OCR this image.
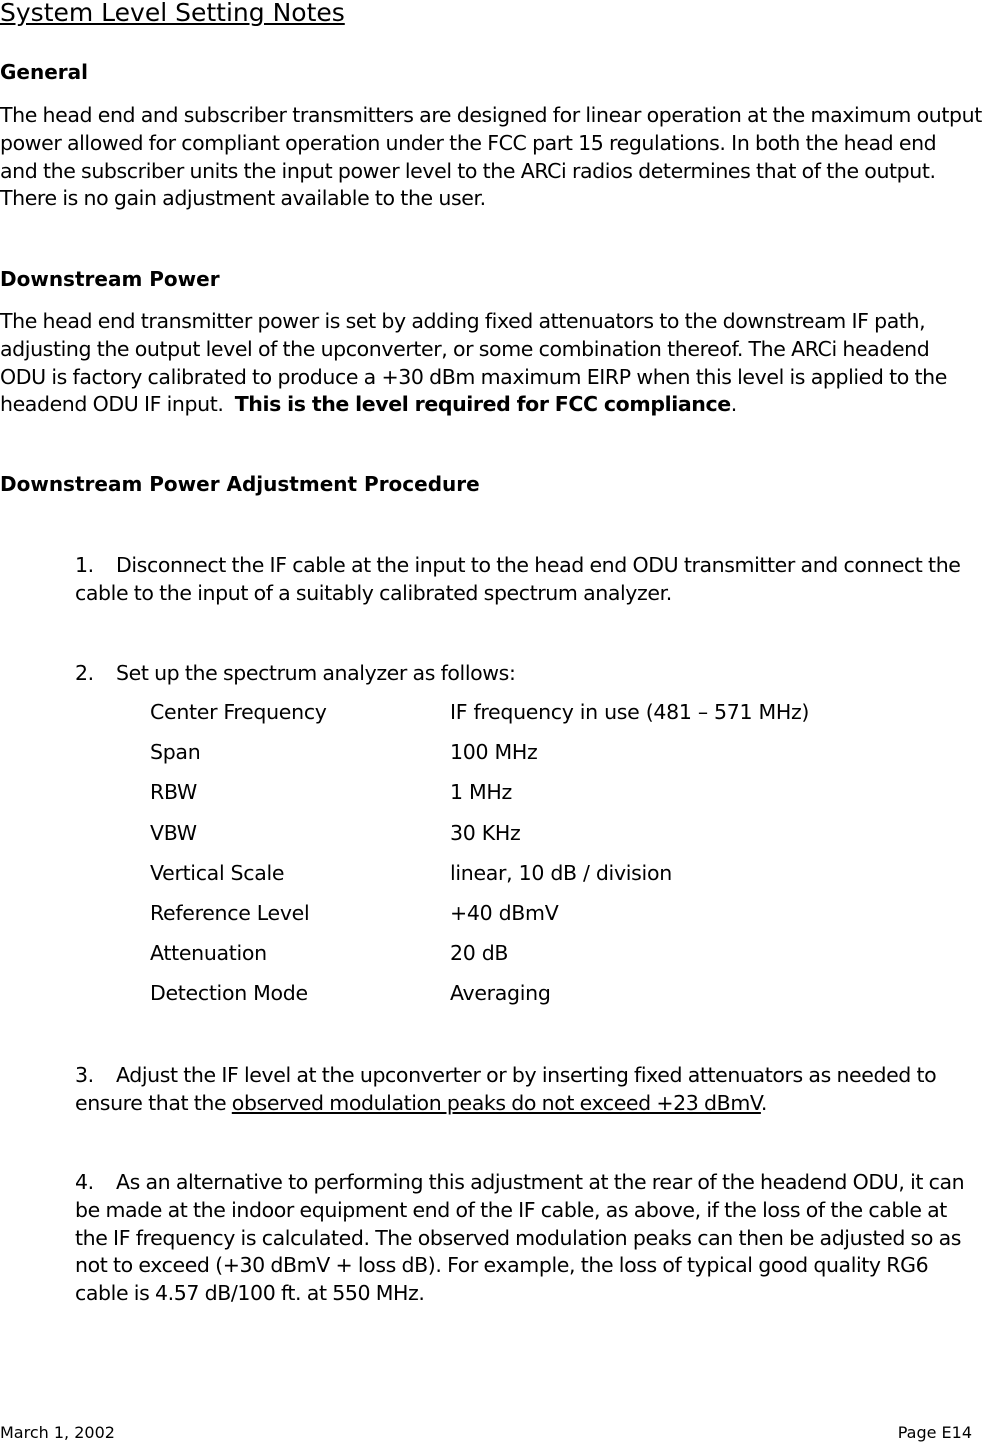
System Level Setting Notes
General
The head end and subscriber transmitters are designed for linear operation at the maximum output
power allowed for compliant operation under the FCC part 15 regulations. In both the head end
and the subscriber units the input power level to the ARCi radios determines that of the output.
There is no gain adjustment available to the user.
Downstream Power
The head end transmitter power is set by adding fixed attenuators to the downstream IF path,
adjusting the output level of the upconverter, or some combination thereof. The ARCi headend
ODU is factory calibrated to produce a +30 dBm maximum EIRP when this level is applied to the
headend ODU IF input.  This is the level required for FCC compliance.
Downstream Power Adjustment Procedure
1. Disconnect the IF cable at the input to the head end ODU transmitter and connect the
cable to the input of a suitably calibrated spectrum analyzer.
2. Set up the spectrum analyzer as follows:
Center Frequency	IF frequency in use (481 – 571 MHz)
Span	100 MHz
RBW	1 MHz
VBW	30 KHz
Vertical Scale	linear, 10 dB / division
Reference Level	+40 dBmV
Attenuation	20 dB
Detection Mode	Averaging
3. Adjust the IF level at the upconverter or by inserting fixed attenuators as needed to
ensure that the observed modulation peaks do not exceed +23 dBmV.
4. As an alternative to performing this adjustment at the rear of the headend ODU, it can
be made at the indoor equipment end of the IF cable, as above, if the loss of the cable at
the IF frequency is calculated. The observed modulation peaks can then be adjusted so as
not to exceed (+30 dBmV + loss dB). For example, the loss of typical good quality RG6
cable is 4.57 dB/100 ft. at 550 MHz.
March 1, 2002	Page E14
